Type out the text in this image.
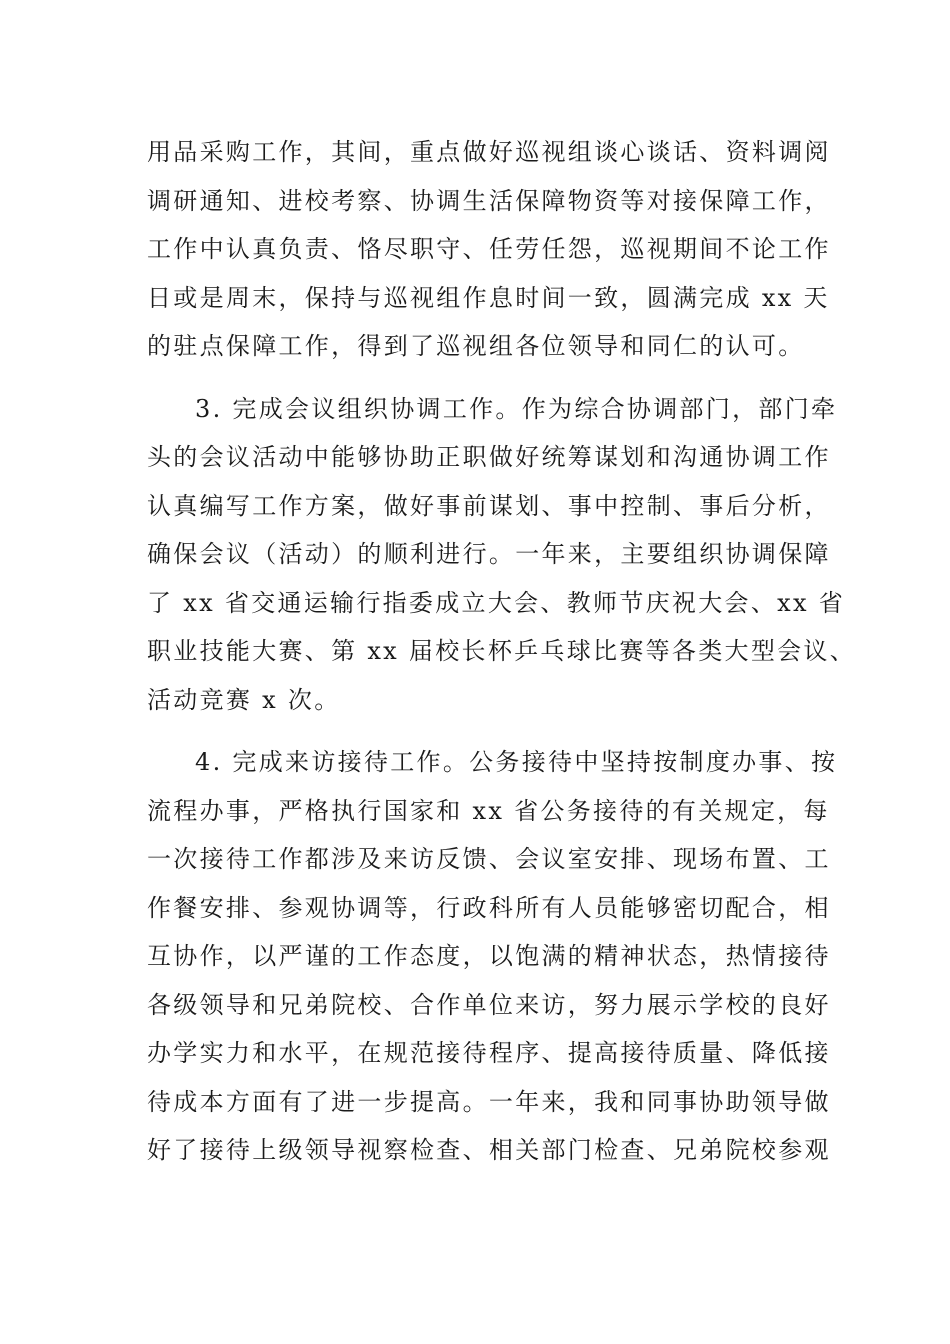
用品采购工作，其间，重点做好巡视组谈心谈话、资料调阅
调研通知、进校考察、协调生活保障物资等对接保障工作，
工作中认真负责、恪尽职守、任劳任怨，巡视期间不论工作
日或是周末，保持与巡视组作息时间一致，圆满完成 xx 天
的驻点保障工作，得到了巡视组各位领导和同仁的认可。
3. 完成会议组织协调工作。作为综合协调部门，部门牵
头的会议活动中能够协助正职做好统筹谋划和沟通协调工作
认真编写工作方案，做好事前谋划、事中控制、事后分析，
确保会议（活动）的顺利进行。一年来，主要组织协调保障
了 xx 省交通运输行指委成立大会、教师节庆祝大会、xx 省
职业技能大赛、第 xx 届校长杯乒乓球比赛等各类大型会议、
活动竞赛 x 次。
4. 完成来访接待工作。公务接待中坚持按制度办事、按
流程办事，严格执行国家和 xx 省公务接待的有关规定，每
一次接待工作都涉及来访反馈、会议室安排、现场布置、工
作餐安排、参观协调等，行政科所有人员能够密切配合，相
互协作，以严谨的工作态度，以饱满的精神状态，热情接待
各级领导和兄弟院校、合作单位来访，努力展示学校的良好
办学实力和水平，在规范接待程序、提高接待质量、降低接
待成本方面有了进一步提高。一年来，我和同事协助领导做
好了接待上级领导视察检查、相关部门检查、兄弟院校参观
